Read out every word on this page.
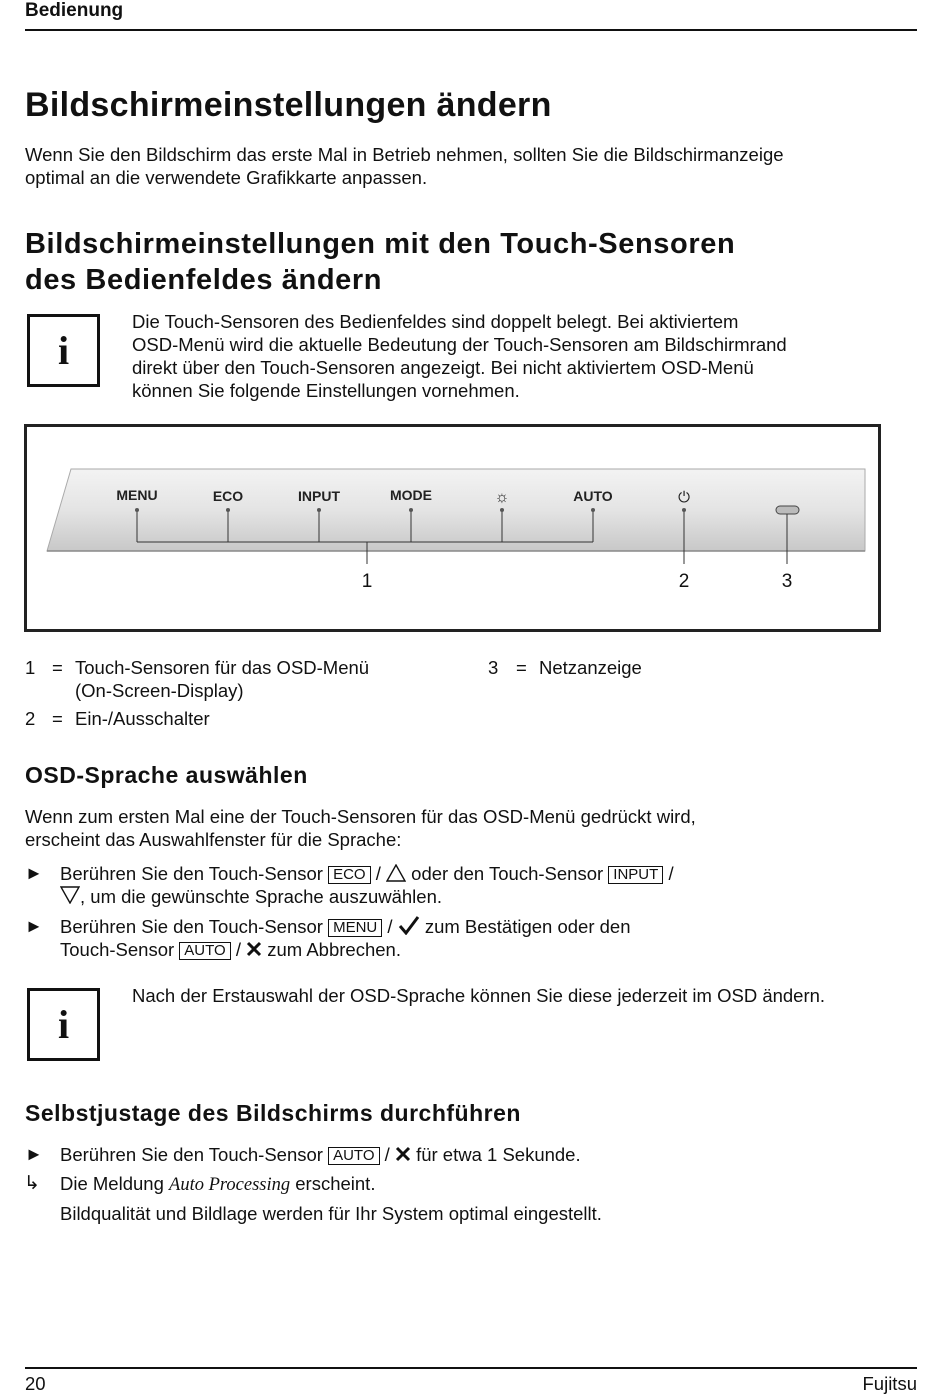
Bedienung
Bildschirmeinstellungen ändern
Wenn Sie den Bildschirm das erste Mal in Betrieb nehmen, sollten Sie die Bildschirmanzeige
optimal an die verwendete Grafikkarte anpassen.
Bildschirmeinstellungen mit den Touch-Sensoren
des Bedienfeldes ändern
i
Die Touch-Sensoren des Bedienfeldes sind doppelt belegt. Bei aktiviertem
OSD-Menü wird die aktuelle Bedeutung der Touch-Sensoren am Bildschirmrand
direkt über den Touch-Sensoren angezeigt. Bei nicht aktiviertem OSD-Menü
können Sie folgende Einstellungen vornehmen.
MENU	ECO	INPUT	MODE	☼	AUTO	⏻
1	2	3
1 = Touch-Sensoren für das OSD-Menü
(On-Screen-Display)
2 = Ein-/Ausschalter
3 = Netzanzeige
OSD-Sprache auswählen
Wenn zum ersten Mal eine der Touch-Sensoren für das OSD-Menü gedrückt wird,
erscheint das Auswahlfenster für die Sprache:
► Berühren Sie den Touch-Sensor ECO / oder den Touch-Sensor INPUT /
, um die gewünschte Sprache auszuwählen.
► Berühren Sie den Touch-Sensor MENU / zum Bestätigen oder den
Touch-Sensor AUTO / zum Abbrechen.
i
Nach der Erstauswahl der OSD-Sprache können Sie diese jederzeit im OSD ändern.
Selbstjustage des Bildschirms durchführen
► Berühren Sie den Touch-Sensor AUTO / für etwa 1 Sekunde.
↳ Die Meldung Auto Processing erscheint.
Bildqualität und Bildlage werden für Ihr System optimal eingestellt.
20	Fujitsu
